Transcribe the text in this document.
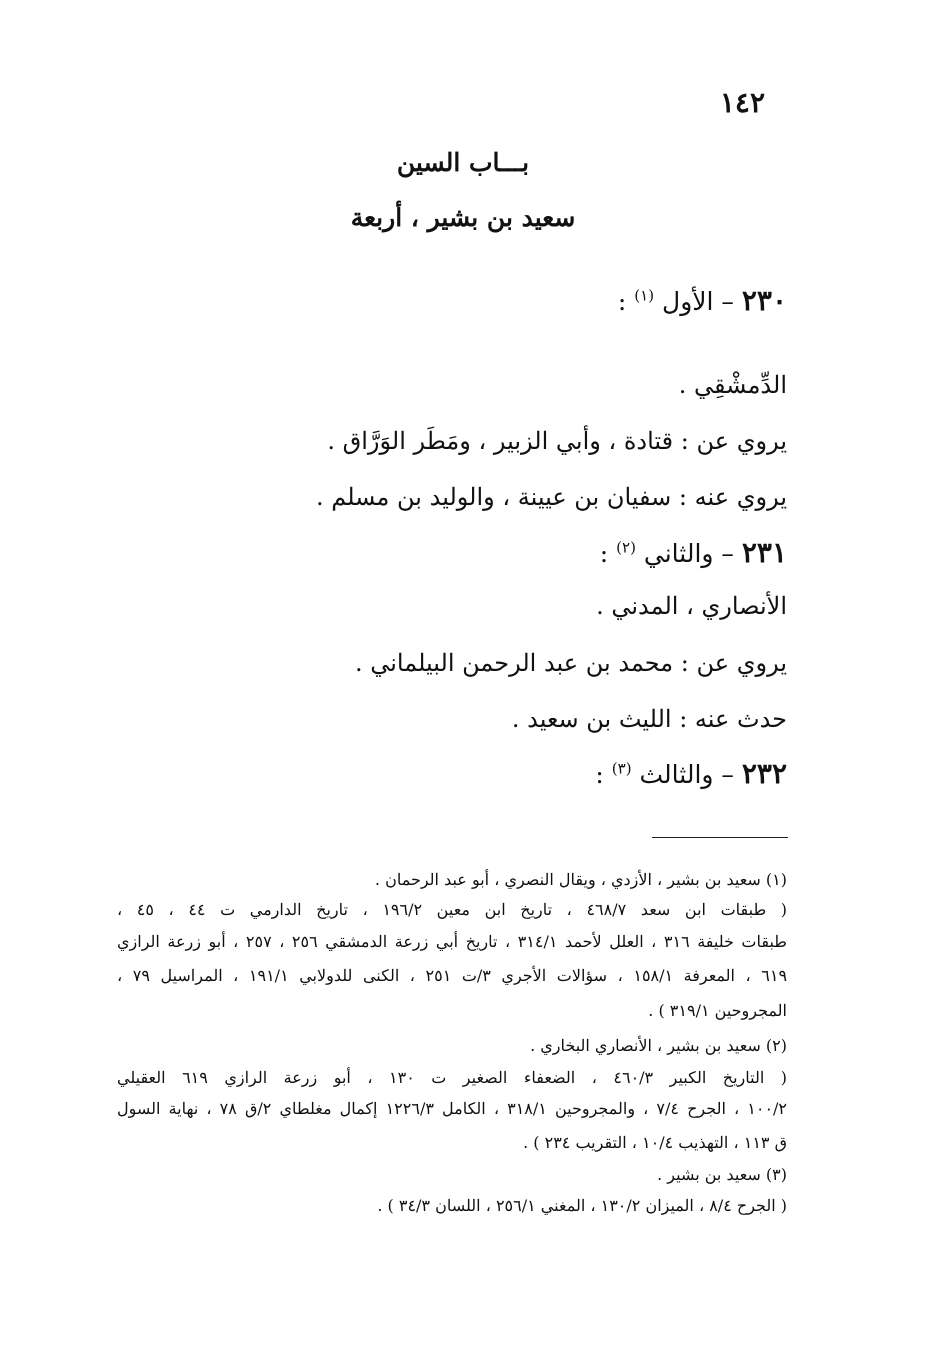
١٤٢
بـــاب السين
سعيد بن بشير ، أربعة
٢٣٠ – الأول $^{(١)}$ :
الدِّمشْقِي .
يروي عن : قتادة ، وأبي الزبير ، ومَطَر الوَرَّاق .
يروي عنه : سفيان بن عيينة ، والوليد بن مسلم .
٢٣١ – والثاني $^{(٢)}$ :
الأنصاري ، المدني .
يروي عن : محمد بن عبد الرحمن البيلماني .
حدث عنه : الليث بن سعيد .
٢٣٢ – والثالث $^{(٣)}$ :
(١) سعيد بن بشير ، الأزدي ، ويقال النصري ، أبو عبد الرحمان .
( طبقات ابن سعد ٤٦٨/٧ ، تاريخ ابن معين ١٩٦/٢ ، تاريخ الدارمي ت ٤٤ ، ٤٥ ،
طبقات خليفة ٣١٦ ، العلل لأحمد ٣١٤/١ ، تاريخ أبي زرعة الدمشقي ٢٥٦ ، ٢٥٧ ، أبو زرعة الرازي
٦١٩ ، المعرفة ١٥٨/١ ، سؤالات الأجري ٣/ت ٢٥١ ، الكنى للدولابي ١٩١/١ ، المراسيل ٧٩ ،
المجروحين ٣١٩/١ ) .
(٢) سعيد بن بشير ، الأنصاري البخاري .
( التاريخ الكبير ٤٦٠/٣ ، الضعفاء الصغير ت ١٣٠ ، أبو زرعة الرازي ٦١٩ العقيلي
١٠٠/٢ ، الجرح ٧/٤ ، والمجروحين ٣١٨/١ ، الكامل ١٢٢٦/٣ إكمال مغلطاي ٢/ق ٧٨ ، نهاية السول
ق ١١٣ ، التهذيب ١٠/٤ ، التقريب ٢٣٤ ) .
(٣) سعيد بن بشير .
( الجرح ٨/٤ ، الميزان ١٣٠/٢ ، المغني ٢٥٦/١ ، اللسان ٣٤/٣ ) .
